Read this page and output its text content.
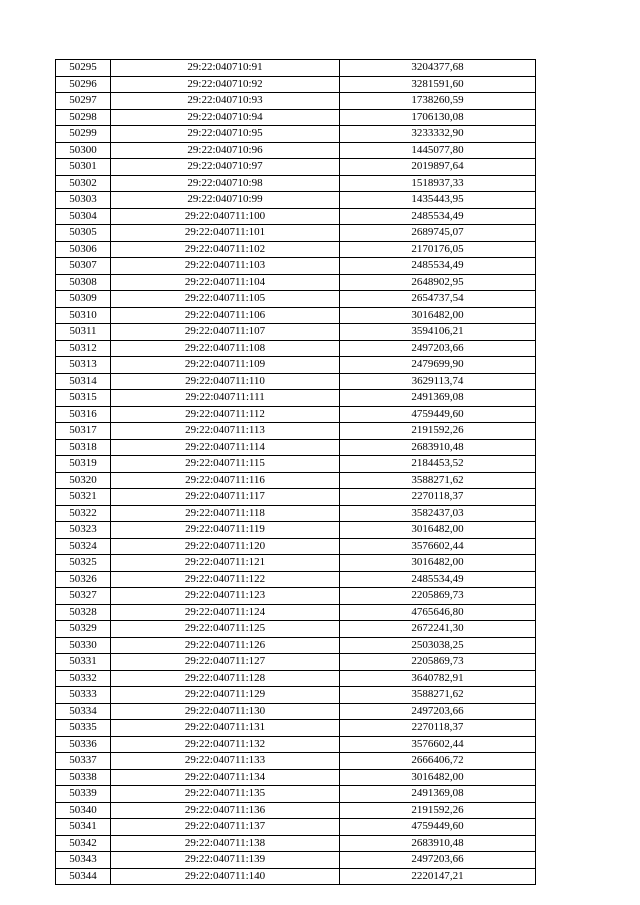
50295	29:22:040710:91	3204377,68
50296	29:22:040710:92	3281591,60
50297	29:22:040710:93	1738260,59
50298	29:22:040710:94	1706130,08
50299	29:22:040710:95	3233332,90
50300	29:22:040710:96	1445077,80
50301	29:22:040710:97	2019897,64
50302	29:22:040710:98	1518937,33
50303	29:22:040710:99	1435443,95
50304	29:22:040711:100	2485534,49
50305	29:22:040711:101	2689745,07
50306	29:22:040711:102	2170176,05
50307	29:22:040711:103	2485534,49
50308	29:22:040711:104	2648902,95
50309	29:22:040711:105	2654737,54
50310	29:22:040711:106	3016482,00
50311	29:22:040711:107	3594106,21
50312	29:22:040711:108	2497203,66
50313	29:22:040711:109	2479699,90
50314	29:22:040711:110	3629113,74
50315	29:22:040711:111	2491369,08
50316	29:22:040711:112	4759449,60
50317	29:22:040711:113	2191592,26
50318	29:22:040711:114	2683910,48
50319	29:22:040711:115	2184453,52
50320	29:22:040711:116	3588271,62
50321	29:22:040711:117	2270118,37
50322	29:22:040711:118	3582437,03
50323	29:22:040711:119	3016482,00
50324	29:22:040711:120	3576602,44
50325	29:22:040711:121	3016482,00
50326	29:22:040711:122	2485534,49
50327	29:22:040711:123	2205869,73
50328	29:22:040711:124	4765646,80
50329	29:22:040711:125	2672241,30
50330	29:22:040711:126	2503038,25
50331	29:22:040711:127	2205869,73
50332	29:22:040711:128	3640782,91
50333	29:22:040711:129	3588271,62
50334	29:22:040711:130	2497203,66
50335	29:22:040711:131	2270118,37
50336	29:22:040711:132	3576602,44
50337	29:22:040711:133	2666406,72
50338	29:22:040711:134	3016482,00
50339	29:22:040711:135	2491369,08
50340	29:22:040711:136	2191592,26
50341	29:22:040711:137	4759449,60
50342	29:22:040711:138	2683910,48
50343	29:22:040711:139	2497203,66
50344	29:22:040711:140	2220147,21
